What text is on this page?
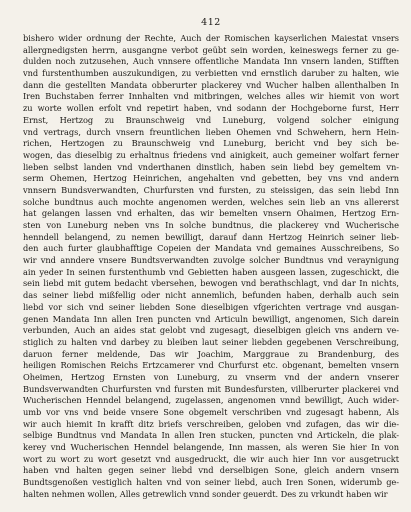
412
bishero wider ordnung der Rechte, Auch der Romischen kayserlichen Maiestat vnsers
allergnedigsten herrn, ausgangne verbot geübt sein worden, keineswegs ferner zu ge-
dulden noch zutzusehen, Auch vnnsere offentliche Mandata Inn vnsern landen, Stifften
vnd furstenthumben auszukundigen, zu verbietten vnd ernstlich daruber zu halten, wie
dann die gestellten Mandata obberurter plackerey vnd Wucher halben allenthalben In
Iren Buchstaben ferrer Innhalten vnd mitbringen, welches alles wir hiemit von wort
zu worte wollen erfolt vnd repetirt haben, vnd sodann der Hochgeborne furst, Herr
Ernst, Hertzog zu Braunschweig vnd Luneburg, volgend solcher einigung
vnd vertrags, durch vnsern freuntlichen lieben Ohemen vnd Schwehern, hern Hein-
richen, Hertzogen zu Braunschweig vnd Luneburg, bericht vnd bey sich be-
wogen, das dieselbig zu erhaltnus friedens vnd ainigkeit, auch gemeiner wolfart ferner
lieben selbst landen vnd vnderthanen dinstlich, haben sein liebd bey gemeltem vn-
serm Ohemen, Hertzog Heinrichen, angehalten vnd gebetten, bey vns vnd andern
vnnsern Bundsverwandten, Churfursten vnd fursten, zu steissigen, das sein liebd Inn
solche bundtnus auch mochte angenomen werden, welches sein lieb an vns allererst
hat gelangen lassen vnd erhalten, das wir bemelten vnsern Ohaimen, Hertzog Ern-
sten von Luneburg neben vns In solche bundtnus, die plackerey vnd Wucherische
henndell belangend, zu nemen bewilligt, darauf dann Hertzog Heinrich seiner lieb-
den auch furter glaubhafftige Copeien der Mandata vnd gemaines Ausschreibens, So
wir vnd anndere vnsere Bundtsverwandten zuvolge solcher Bundtnus vnd veraynigung
ain yeder In seinen furstenthumb vnd Gebietten haben ausgeen lassen, zugeschickt, die
sein liebd mit gutem bedacht vbersehen, bewogen vnd berathschlagt, vnd dar In nichts,
das seiner liebd mißfellig oder nicht annemlich, befunden haben, derhalb auch sein
liebd vor sich vnd seiner liebden Sone dieselbigen vfgerichten vertrage vnd ausgan-
genen Mandata Inn allen Iren puncten vnd Articuln bewilligt, angenomen, Sich darein
verbunden, Auch an aides stat gelobt vnd zugesagt, dieselbigen gleich vns andern ve-
stiglich zu halten vnd darbey zu bleiben laut seiner liebden gegebenen Verschreibung,
daruon ferner meldende, Das wir Joachim, Marggraue zu Brandenburg, des
heiligen Romischen Reichs Ertzcamerer vnd Churfurst etc. obgenant, bemelten vnsern
Oheimen, Hertzog Ernsten von Luneburg, zu vnserm vnd der andern vnserer
Bundsverwandten Churfursten vnd fursten mit Bundesfursten, villberurter plackerei vnd
Wucherischen Henndel belangend, zugelassen, angenomen vnnd bewilligt, Auch wider-
umb vor vns vnd beide vnsere Sone obgemelt verschriben vnd zugesagt habenn, Als
wir auch hiemit In krafft ditz briefs verschreiben, geloben vnd zufagen, das wir die-
selbige Bundtnus vnd Mandata In allen Iren stucken, puncten vnd Artickeln, die plak-
kerey vnd Wucherischen Henndel belangende, Inn massen, als weren Sie hier In von
wort zu wort zu wort gesetzt vnd ausgedruckt, die wir auch hier Inn vor ausgetruckt
haben vnd halten gegen seiner liebd vnd derselbigen Sone, gleich andern vnsern
Bundtsgenoßen vestiglich halten vnd von seiner liebd, auch Iren Sonen, widerumb ge-
halten nehmen wollen, Alles getrewlich vnnd sonder geuerdt. Des zu vrkundt haben wir
